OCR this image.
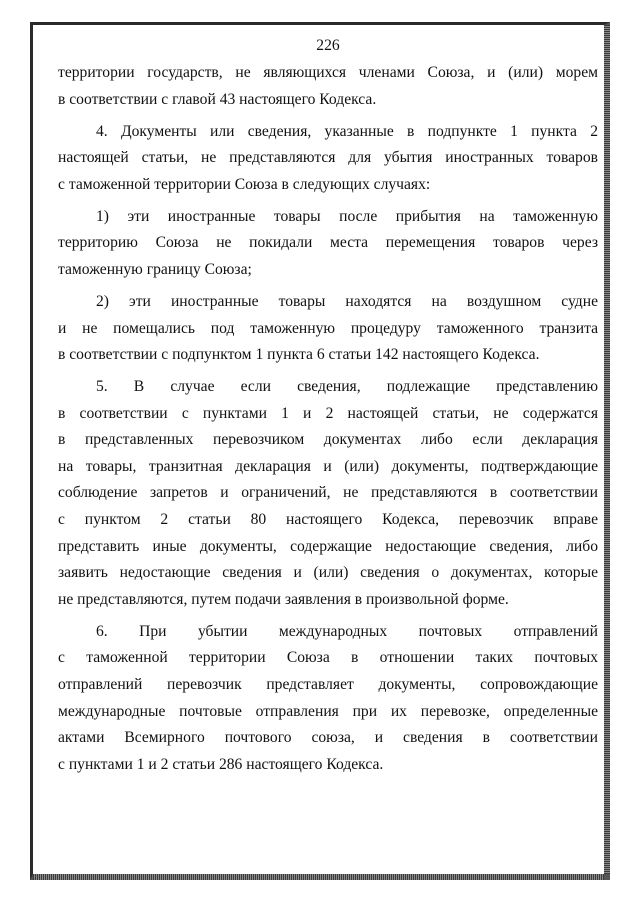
226
территории государств, не являющихся членами Союза, и (или) морем
в соответствии с главой 43 настоящего Кодекса.
4. Документы или сведения, указанные в подпункте 1 пункта 2
настоящей статьи, не представляются для убытия иностранных товаров
с таможенной территории Союза в следующих случаях:
1) эти иностранные товары после прибытия на таможенную
территорию Союза не покидали места перемещения товаров через
таможенную границу Союза;
2) эти иностранные товары находятся на воздушном судне
и не помещались под таможенную процедуру таможенного транзита
в соответствии с подпунктом 1 пункта 6 статьи 142 настоящего Кодекса.
5. В случае если сведения, подлежащие представлению
в соответствии с пунктами 1 и 2 настоящей статьи, не содержатся
в представленных перевозчиком документах либо если декларация
на товары, транзитная декларация и (или) документы, подтверждающие
соблюдение запретов и ограничений, не представляются в соответствии
с пунктом 2 статьи 80 настоящего Кодекса, перевозчик вправе
представить иные документы, содержащие недостающие сведения, либо
заявить недостающие сведения и (или) сведения о документах, которые
не представляются, путем подачи заявления в произвольной форме.
6. При убытии международных почтовых отправлений
с таможенной территории Союза в отношении таких почтовых
отправлений перевозчик представляет документы, сопровождающие
международные почтовые отправления при их перевозке, определенные
актами Всемирного почтового союза, и сведения в соответствии
с пунктами 1 и 2 статьи 286 настоящего Кодекса.
